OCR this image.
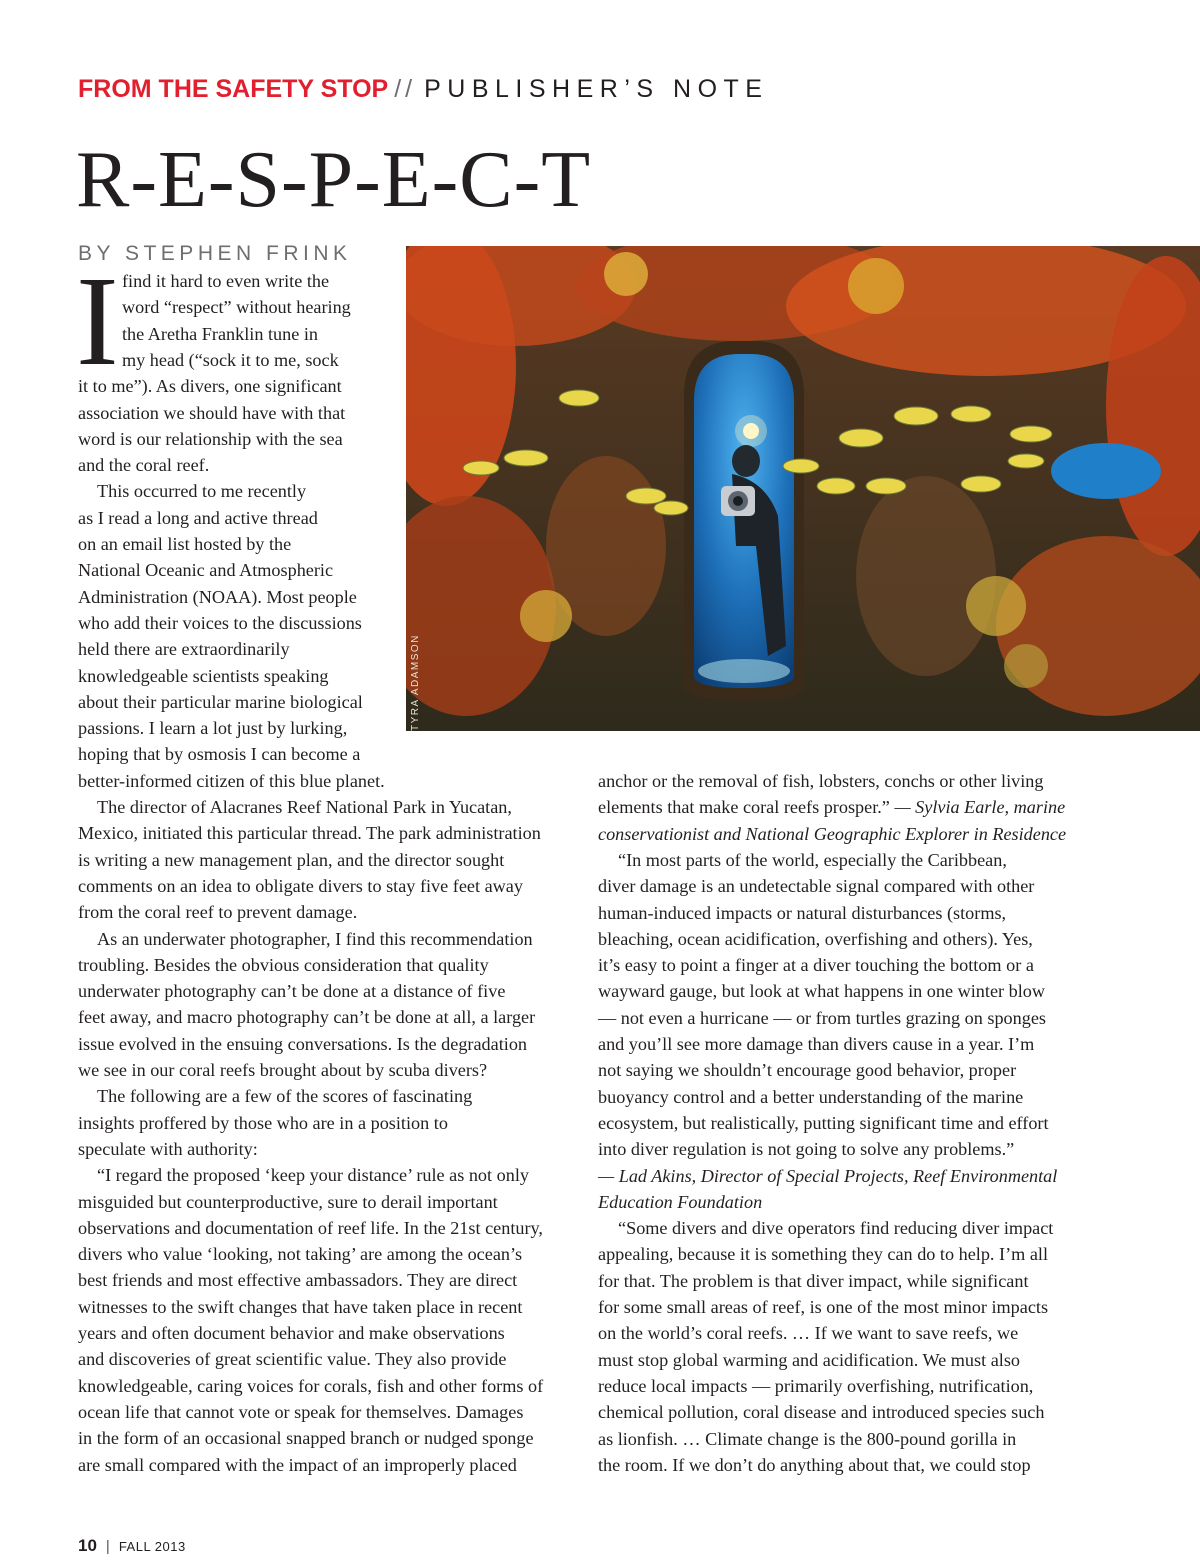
FROM THE SAFETY STOP // PUBLISHER’S NOTE
R-E-S-P-E-C-T
BY STEPHEN FRINK
I
TYRA ADAMSON
find it hard to even write the
word “respect” without hearing
the Aretha Franklin tune in
my head (“sock it to me, sock
it to me”). As divers, one significant
association we should have with that
word is our relationship with the sea
and the coral reef.
This occurred to me recently
as I read a long and active thread
on an email list hosted by the
National Oceanic and Atmospheric
Administration (NOAA). Most people
who add their voices to the discussions
held there are extraordinarily
knowledgeable scientists speaking
about their particular marine biological
passions. I learn a lot just by lurking,
hoping that by osmosis I can become a
better-informed citizen of this blue planet.
The director of Alacranes Reef National Park in Yucatan,
Mexico, initiated this particular thread. The park administration
is writing a new management plan, and the director sought
comments on an idea to obligate divers to stay five feet away
from the coral reef to prevent damage.
As an underwater photographer, I find this recommendation
troubling. Besides the obvious consideration that quality
underwater photography can’t be done at a distance of five
feet away, and macro photography can’t be done at all, a larger
issue evolved in the ensuing conversations. Is the degradation
we see in our coral reefs brought about by scuba divers?
The following are a few of the scores of fascinating
insights proffered by those who are in a position to
speculate with authority:
“I regard the proposed ‘keep your distance’ rule as not only
misguided but counterproductive, sure to derail important
observations and documentation of reef life. In the 21st century,
divers who value ‘looking, not taking’ are among the ocean’s
best friends and most effective ambassadors. They are direct
witnesses to the swift changes that have taken place in recent
years and often document behavior and make observations
and discoveries of great scientific value. They also provide
knowledgeable, caring voices for corals, fish and other forms of
ocean life that cannot vote or speak for themselves. Damages
in the form of an occasional snapped branch or nudged sponge
are small compared with the impact of an improperly placed
anchor or the removal of fish, lobsters, conchs or other living
elements that make coral reefs prosper.” — Sylvia Earle, marine
conservationist and National Geographic Explorer in Residence
“In most parts of the world, especially the Caribbean,
diver damage is an undetectable signal compared with other
human-induced impacts or natural disturbances (storms,
bleaching, ocean acidification, overfishing and others). Yes,
it’s easy to point a finger at a diver touching the bottom or a
wayward gauge, but look at what happens in one winter blow
— not even a hurricane — or from turtles grazing on sponges
and you’ll see more damage than divers cause in a year. I’m
not saying we shouldn’t encourage good behavior, proper
buoyancy control and a better understanding of the marine
ecosystem, but realistically, putting significant time and effort
into diver regulation is not going to solve any problems.”
— Lad Akins, Director of Special Projects, Reef Environmental
Education Foundation
“Some divers and dive operators find reducing diver impact
appealing, because it is something they can do to help. I’m all
for that. The problem is that diver impact, while significant
for some small areas of reef, is one of the most minor impacts
on the world’s coral reefs. … If we want to save reefs, we
must stop global warming and acidification. We must also
reduce local impacts — primarily overfishing, nutrification,
chemical pollution, coral disease and introduced species such
as lionfish. … Climate change is the 800-pound gorilla in
the room. If we don’t do anything about that, we could stop
10 | FALL 2013
